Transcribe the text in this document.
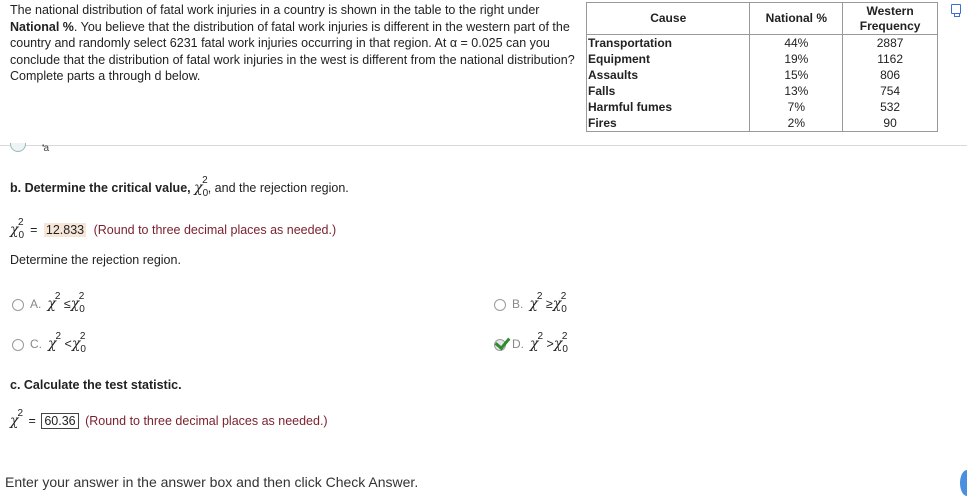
The national distribution of fatal work injuries in a country is shown in the table to the right under National %. You believe that the distribution of fatal work injuries is different in the western part of the country and randomly select 6231 fatal work injuries occurring in that region. At α = 0.025 can you conclude that the distribution of fatal work injuries in the west is different from the national distribution? Complete parts a through d below.
Cause	National %	Western
Frequency
Transportation	44%	2887
Equipment	19%	1162
Assaults	15%	806
Falls	13%	754
Harmful fumes	7%	532
Fires	2%	90
''a
b. Determine the critical value, $\chi_0^2$, and the rejection region.
$\chi_0^2 = 12.833$ (Round to three decimal places as needed.)
Determine the rejection region.
A. $\chi^2 \le\chi_0^2$
B. $\chi^2 \ge\chi_0^2$
C. $\chi^2 <\chi_0^2$
D. $\chi^2 >\chi_0^2$
c. Calculate the test statistic.
$\chi^2 = 60.36$ (Round to three decimal places as needed.)
Enter your answer in the answer box and then click Check Answer.
